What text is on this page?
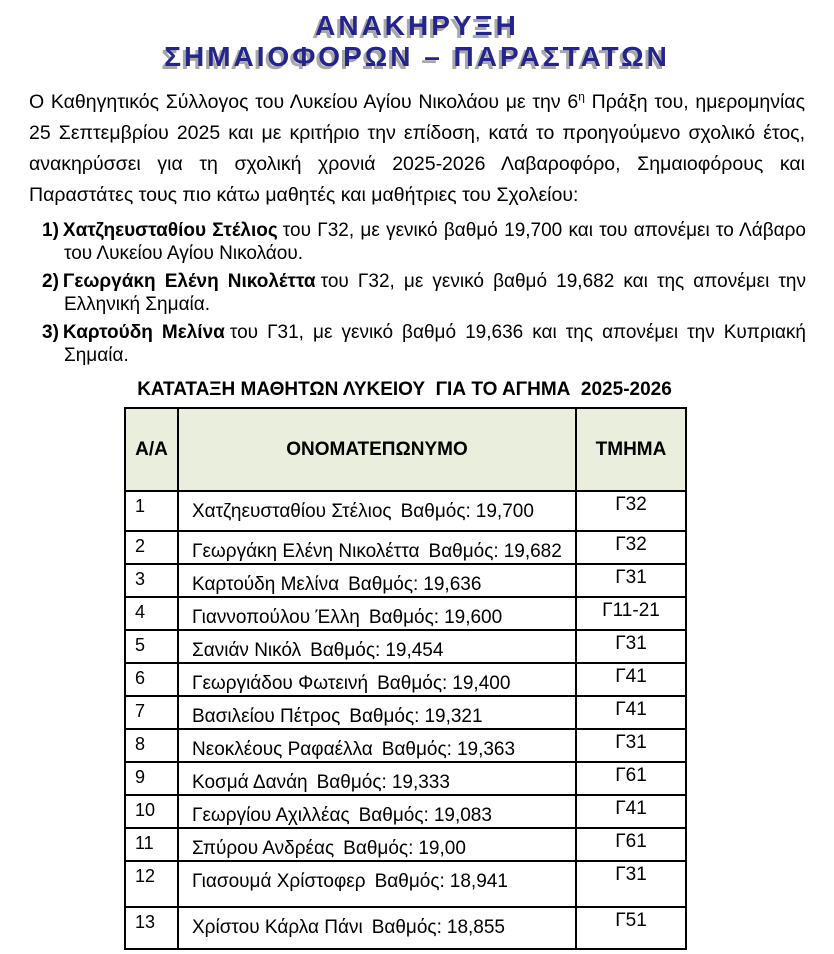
ΑΝΑΚΗΡΥΞΗ
ΣΗΜΑΙΟΦΟΡΩΝ – ΠΑΡΑΣΤΑΤΩΝ

Ο Καθηγητικός Σύλλογος του Λυκείου Αγίου Νικολάου με την $6^\eta$ Πράξη του, ημερομηνίας 25 Σεπτεμβρίου 2025 και με κριτήριο την επίδοση, κατά το προηγούμενο σχολικό έτος, ανακηρύσσει για τη σχολική χρονιά 2025-2026 Λαβαροφόρο, Σημαιοφόρους και Παραστάτες τους πιο κάτω μαθητές και μαθήτριες του Σχολείου:

1) Χατζηευσταθίου Στέλιος του Γ32, με γενικό βαθμό 19,700 και του απονέμει το Λάβαρο του Λυκείου Αγίου Νικολάου.
2) Γεωργάκη Ελένη Νικολέττα του Γ32, με γενικό βαθμό 19,682 και της απονέμει την Ελληνική Σημαία.
3) Καρτούδη Μελίνα του Γ31, με γενικό βαθμό 19,636 και της απονέμει την Κυπριακή Σημαία.
ΚΑΤΑΤΑΞΗ ΜΑΘΗΤΩΝ ΛΥΚΕΙΟΥ  ΓΙΑ ΤΟ ΑΓΗΜΑ  2025-2026
Α/Α	ΟΝΟΜΑΤΕΠΩΝΥΜΟ	ΤΜΗΜΑ
1	Χατζηευσταθίου Στέλιος Βαθμός: 19,700	Γ32
2	Γεωργάκη Ελένη Νικολέττα Βαθμός: 19,682	Γ32
3	Καρτούδη Μελίνα Βαθμός: 19,636	Γ31
4	Γιαννοπούλου Έλλη Βαθμός: 19,600	Γ11-21
5	Σανιάν Νικόλ Βαθμός: 19,454	Γ31
6	Γεωργιάδου Φωτεινή Βαθμός: 19,400	Γ41
7	Βασιλείου Πέτρος Βαθμός: 19,321	Γ41
8	Νεοκλέους Ραφαέλλα Βαθμός: 19,363	Γ31
9	Κοσμά Δανάη Βαθμός: 19,333	Γ61
10	Γεωργίου Αχιλλέας Βαθμός: 19,083	Γ41
11	Σπύρου Ανδρέας Βαθμός: 19,00	Γ61
12	Γιασουμά Χρίστοφερ Βαθμός: 18,941	Γ31
13	Χρίστου Κάρλα Πάνι Βαθμός: 18,855	Γ51
